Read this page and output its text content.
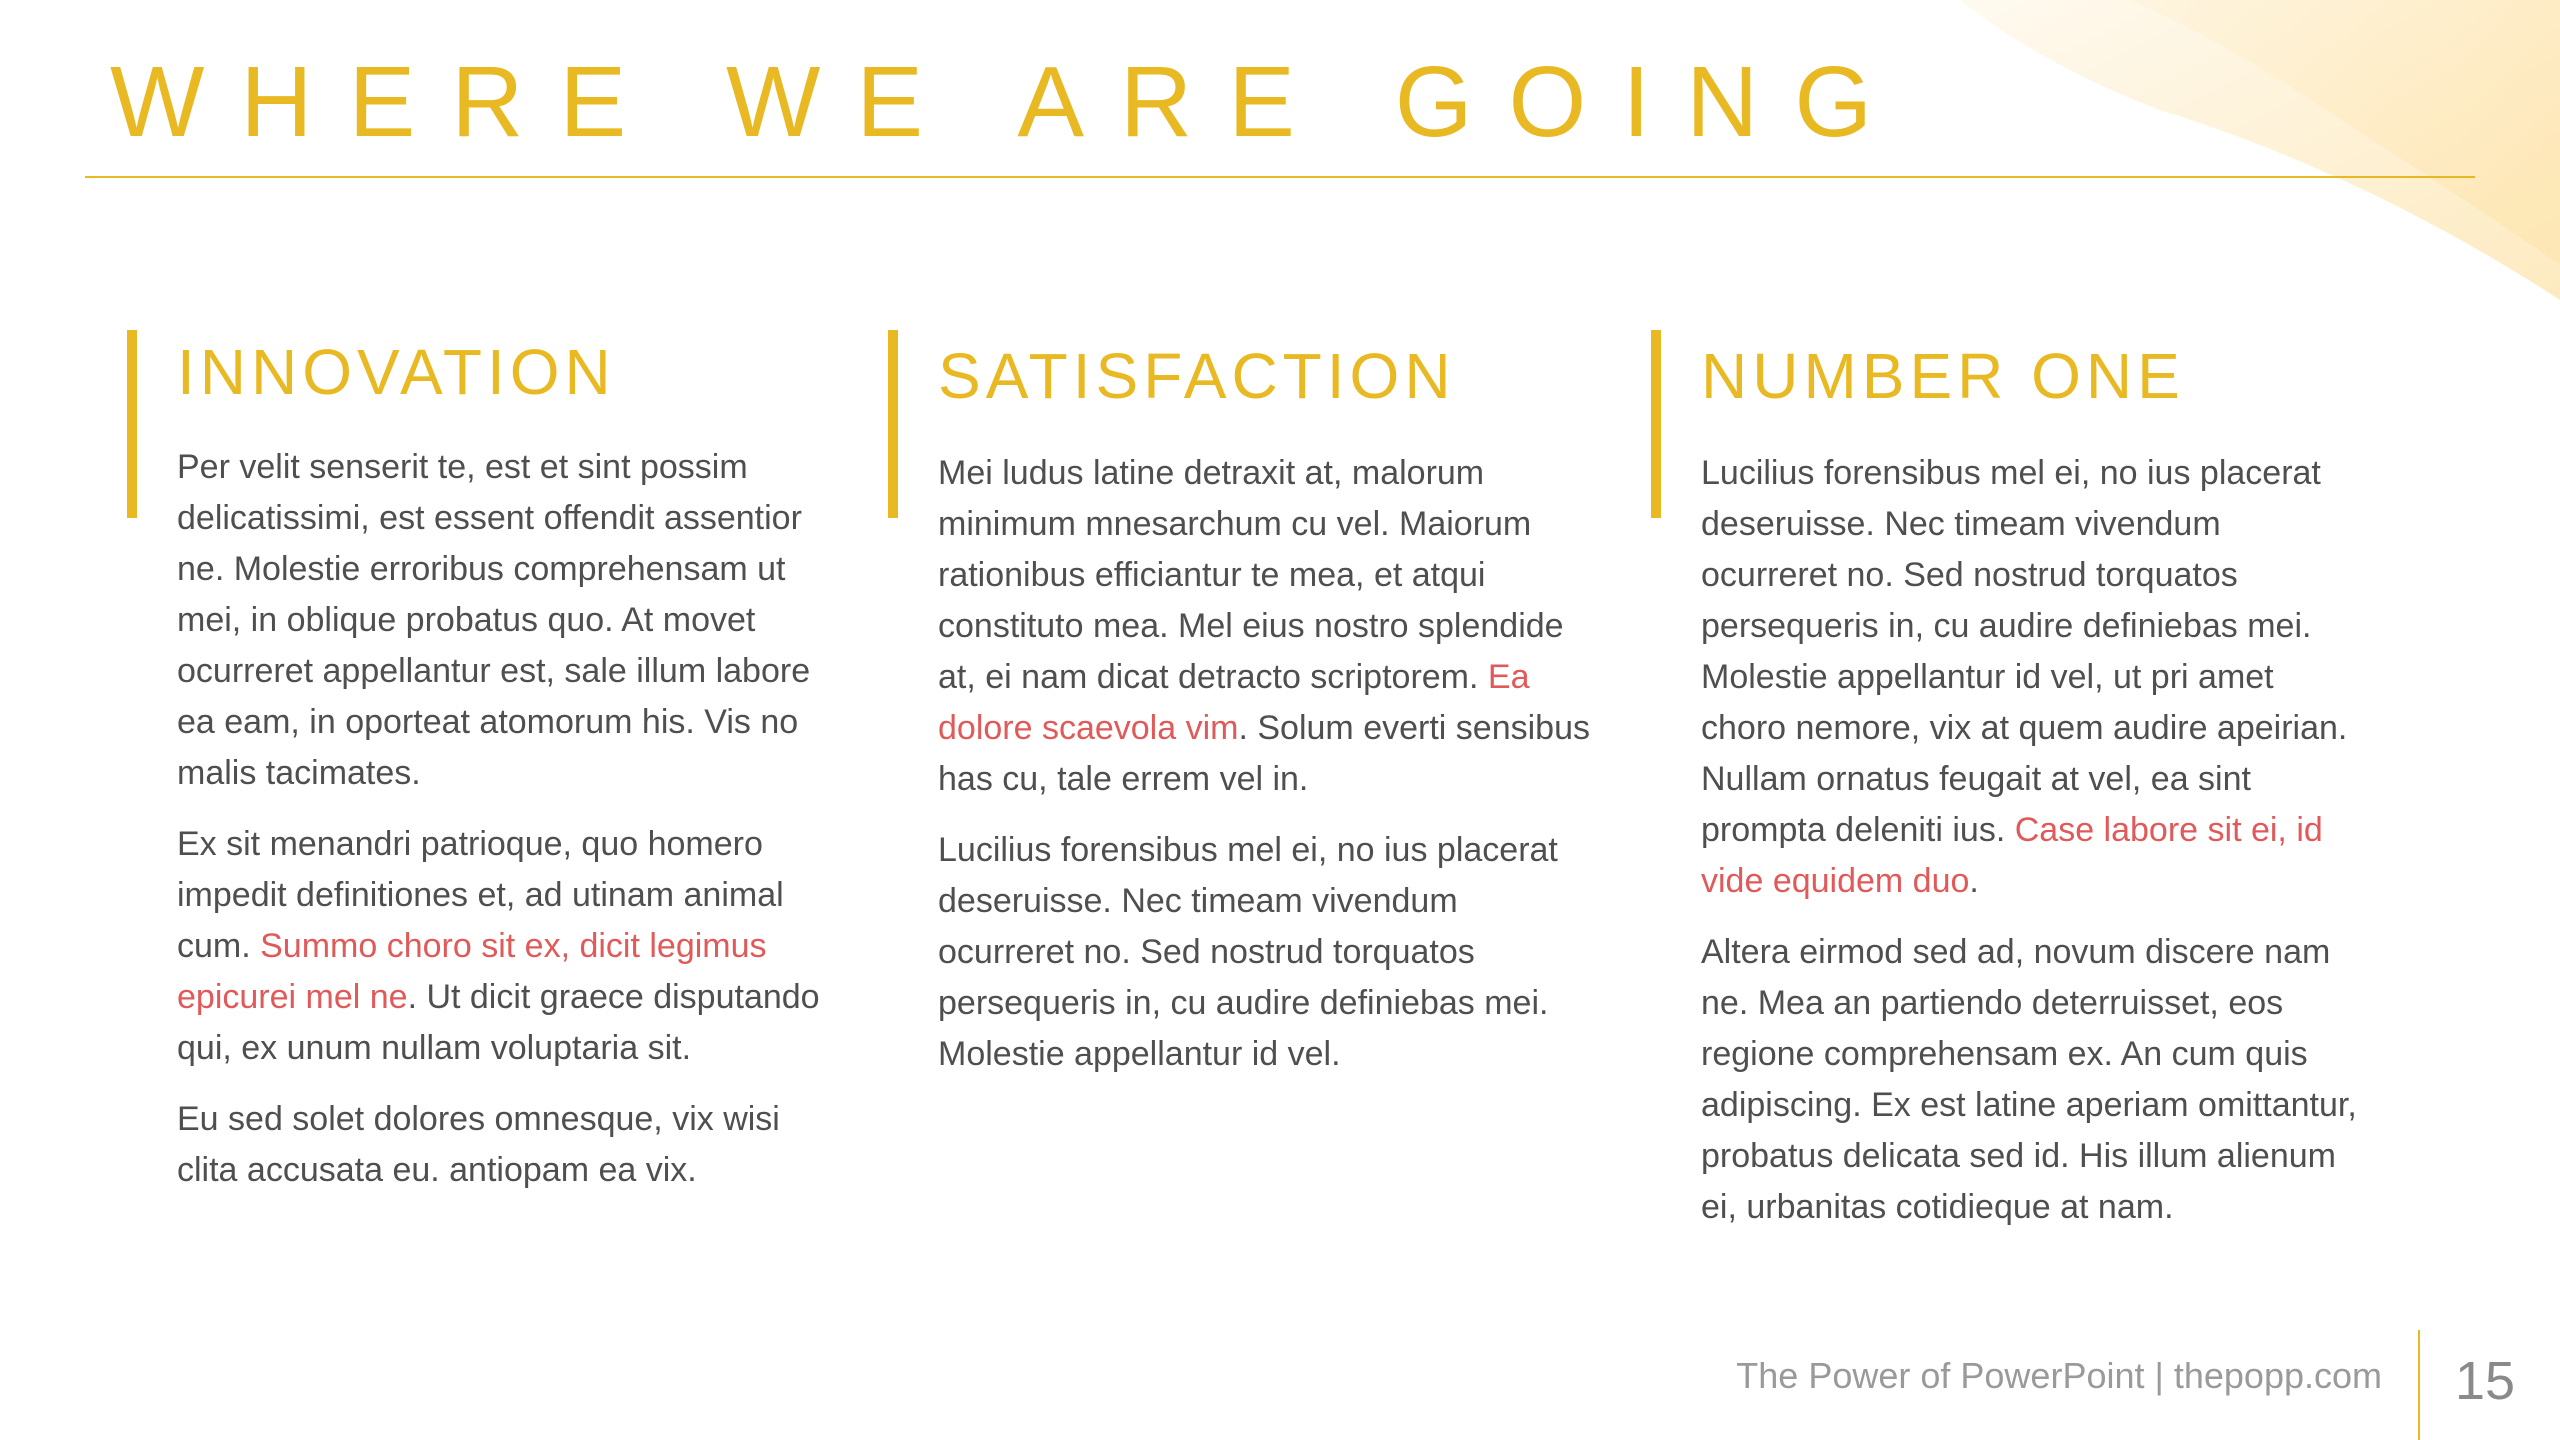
WHERE WE ARE GOING
INNOVATION

Per velit senserit te, est et sint possim delicatissimi, est essent offendit assentior ne. Molestie erroribus comprehensam ut mei, in oblique probatus quo. At movet ocurreret appellantur est, sale illum labore ea eam, in oporteat atomorum his. Vis no malis tacimates.

Ex sit menandri patrioque, quo homero impedit definitiones et, ad utinam animal cum. Summo choro sit ex, dicit legimus epicurei mel ne. Ut dicit graece disputando qui, ex unum nullam voluptaria sit.

Eu sed solet dolores omnesque, vix wisi clita accusata eu. antiopam ea vix.

SATISFACTION

Mei ludus latine detraxit at, malorum minimum mnesarchum cu vel. Maiorum rationibus efficiantur te mea, et atqui constituto mea. Mel eius nostro splendide at, ei nam dicat detracto scriptorem. Ea dolore scaevola vim. Solum everti sensibus has cu, tale errem vel in.

Lucilius forensibus mel ei, no ius placerat deseruisse. Nec timeam vivendum ocurreret no. Sed nostrud torquatos persequeris in, cu audire definiebas mei. Molestie appellantur id vel.

NUMBER ONE

Lucilius forensibus mel ei, no ius placerat deseruisse. Nec timeam vivendum ocurreret no. Sed nostrud torquatos persequeris in, cu audire definiebas mei. Molestie appellantur id vel, ut pri amet choro nemore, vix at quem audire apeirian. Nullam ornatus feugait at vel, ea sint prompta deleniti ius. Case labore sit ei, id vide equidem duo.

Altera eirmod sed ad, novum discere nam ne. Mea an partiendo deterruisset, eos regione comprehensam ex. An cum quis adipiscing. Ex est latine aperiam omittantur, probatus delicata sed id. His illum alienum ei, urbanitas cotidieque at nam.

The Power of PowerPoint | thepopp.com 15
